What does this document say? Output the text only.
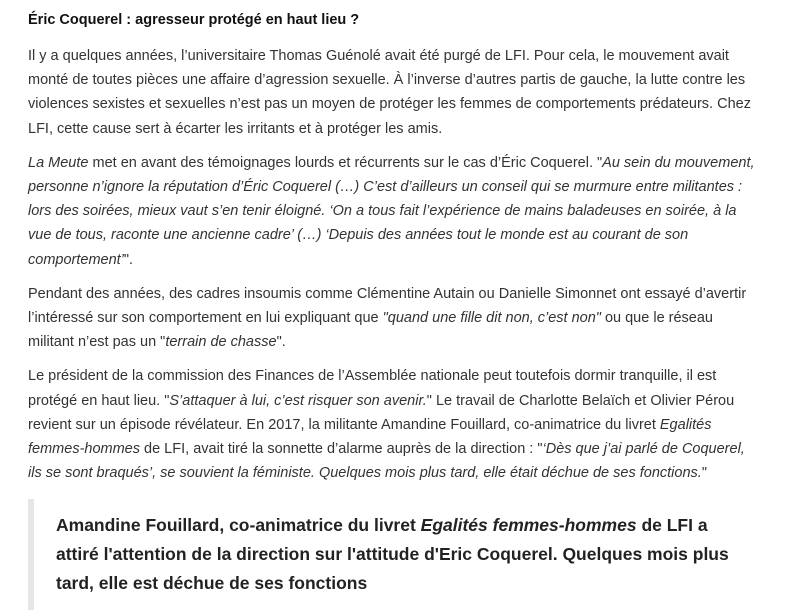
Éric Coquerel : agresseur protégé en haut lieu ?

Il y a quelques années, l’universitaire Thomas Guénolé avait été purgé de LFI. Pour cela, le mouvement avait monté de toutes pièces une affaire d’agression sexuelle. À l’inverse d’autres partis de gauche, la lutte contre les violences sexistes et sexuelles n’est pas un moyen de protéger les femmes de comportements prédateurs. Chez LFI, cette cause sert à écarter les irritants et à protéger les amis.

La Meute met en avant des témoignages lourds et récurrents sur le cas d’Éric Coquerel. "Au sein du mouvement, personne n’ignore la réputation d’Éric Coquerel (…) C’est d’ailleurs un conseil qui se murmure entre militantes : lors des soirées, mieux vaut s’en tenir éloigné. ‘On a tous fait l’expérience de mains baladeuses en soirée, à la vue de tous, raconte une ancienne cadre’ (…) ‘Depuis des années tout le monde est au courant de son comportement’".

Pendant des années, des cadres insoumis comme Clémentine Autain ou Danielle Simonnet ont essayé d’avertir l’intéressé sur son comportement en lui expliquant que "quand une fille dit non, c’est non" ou que le réseau militant n’est pas un "terrain de chasse".

Le président de la commission des Finances de l’Assemblée nationale peut toutefois dormir tranquille, il est protégé en haut lieu. "S’attaquer à lui, c’est risquer son avenir." Le travail de Charlotte Belaïch et Olivier Pérou revient sur un épisode révélateur. En 2017, la militante Amandine Fouillard, co-animatrice du livret Egalités femmes-hommes de LFI, avait tiré la sonnette d’alarme auprès de la direction : "‘Dès que j’ai parlé de Coquerel, ils se sont braqués’, se souvient la féministe. Quelques mois plus tard, elle était déchue de ses fonctions."

Amandine Fouillard, co-animatrice du livret Egalités femmes-hommes de LFI a attiré l'attention de la direction sur l'attitude d'Eric Coquerel. Quelques mois plus tard, elle est déchue de ses fonctions
